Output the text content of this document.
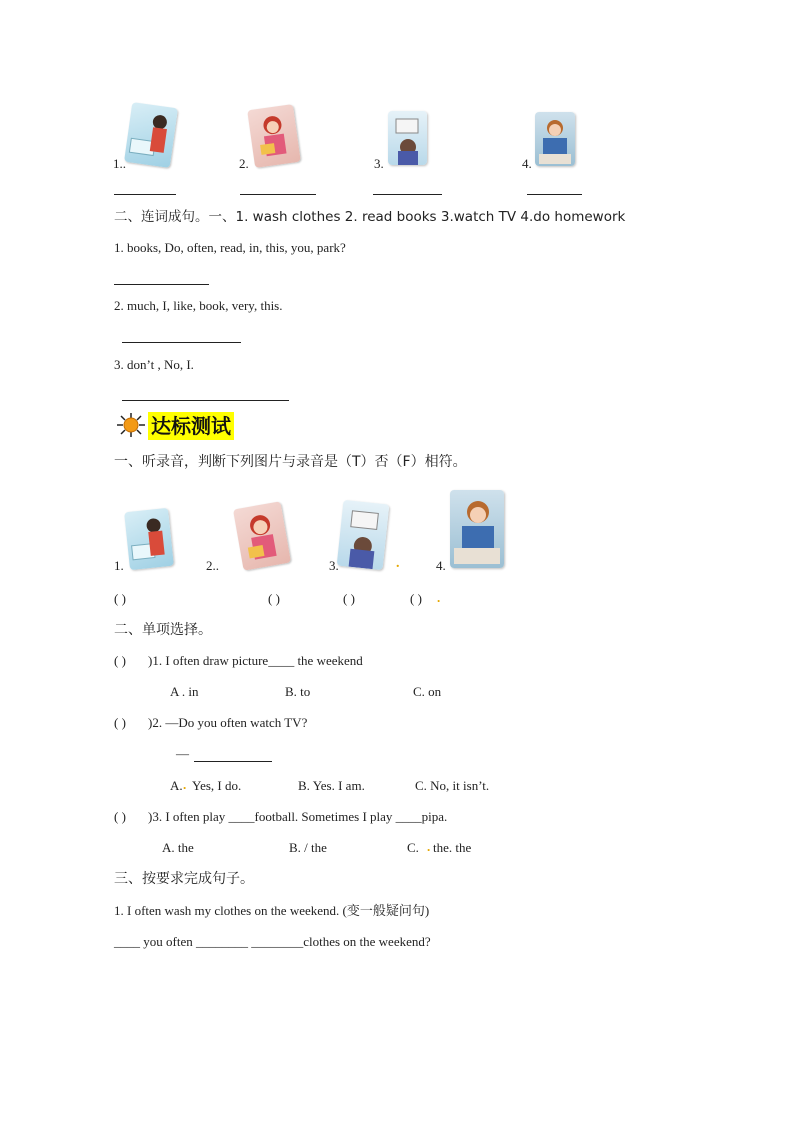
1..	2.	3.	4.
二、连词成句。一、1. wash clothes 2. read books 3.watch TV 4.do homework
1. books, Do, often, read, in, this, you, park?
2. much, I, like, book, very, this.
3. don’t , No, I.
达标测试
一、听录音，判断下列图片与录音是（T）否（F）相符。
1.	2..	3.	.	4.
( )	( )	( )	( ) .
二、单项选择。
( ) )1. I often draw picture____ the weekend
A . in	B. to	C. on
( ) )2. —Do you often watch TV?
—
A. . Yes, I do.	B. Yes. I am.	C. No, it isn’t.
( ) )3. I often play ____football. Sometimes I play ____pipa.
A. the	B. / the	C. . the. the
三、按要求完成句子。
1. I often wash my clothes on the weekend. (变一般疑问句)
____ you often ________ ________clothes on the weekend?
